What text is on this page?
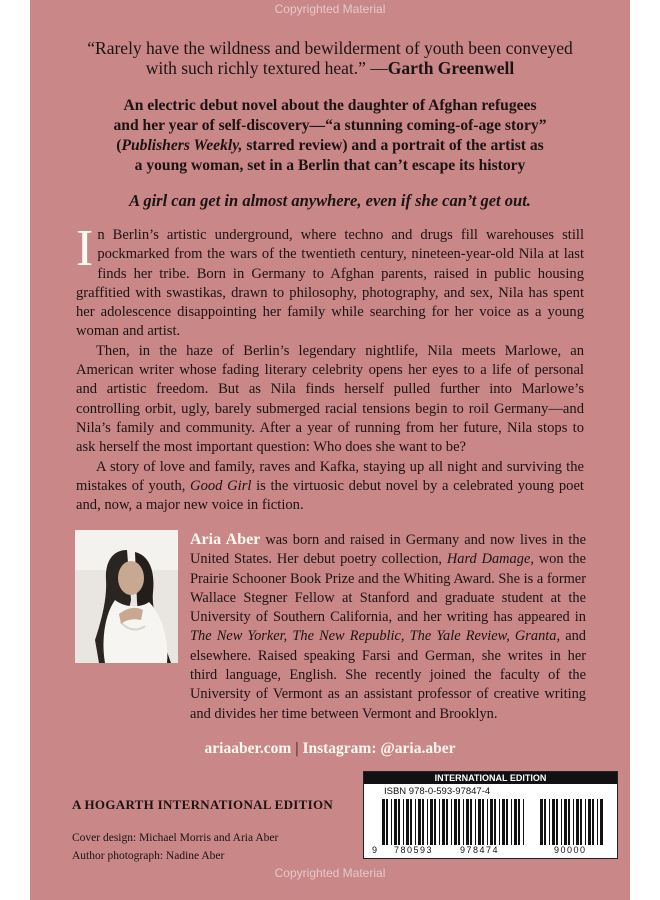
Copyrighted Material
“Rarely have the wildness and bewilderment of youth been conveyed with such richly textured heat.” —Garth Greenwell
An electric debut novel about the daughter of Afghan refugees
and her year of self-discovery—“a stunning coming-of-age story”
(Publishers Weekly, starred review) and a portrait of the artist as
a young woman, set in a Berlin that can’t escape its history
A girl can get in almost anywhere, even if she can’t get out.

In Berlin’s artistic underground, where techno and drugs fill warehouses still pockmarked from the wars of the twentieth century, nineteen-year-old Nila at last finds her tribe. Born in Germany to Afghan parents, raised in public housing graffitied with swastikas, drawn to philosophy, photography, and sex, Nila has spent her adolescence disappointing her family while searching for her voice as a young woman and artist.

Then, in the haze of Berlin’s legendary nightlife, Nila meets Marlowe, an American writer whose fading literary celebrity opens her eyes to a life of personal and artistic freedom. But as Nila finds herself pulled further into Marlowe’s controlling orbit, ugly, barely submerged racial tensions begin to roil Germany—and Nila’s family and community. After a year of running from her future, Nila stops to ask herself the most important question: Who does she want to be?

A story of love and family, raves and Kafka, staying up all night and surviving the mistakes of youth, Good Girl is the virtuosic debut novel by a celebrated young poet and, now, a major new voice in fiction.

Aria Aber was born and raised in Germany and now lives in the United States. Her debut poetry collection, Hard Damage, won the Prairie Schooner Book Prize and the Whiting Award. She is a former Wallace Stegner Fellow at Stanford and graduate student at the University of Southern California, and her writing has appeared in The New Yorker, The New Republic, The Yale Review, Granta, and elsewhere. Raised speaking Farsi and German, she writes in her third language, English. She recently joined the faculty of the University of Vermont as an assistant professor of creative writing and divides her time between Vermont and Brooklyn.
ariaaber.com | Instagram: @aria.aber
A HOGARTH INTERNATIONAL EDITION
Cover design: Michael Morris and Aria Aber
Author photograph: Nadine Aber
INTERNATIONAL EDITION
ISBN 978-0-593-97847-4
9 780593	978474	90000
Copyrighted Material
